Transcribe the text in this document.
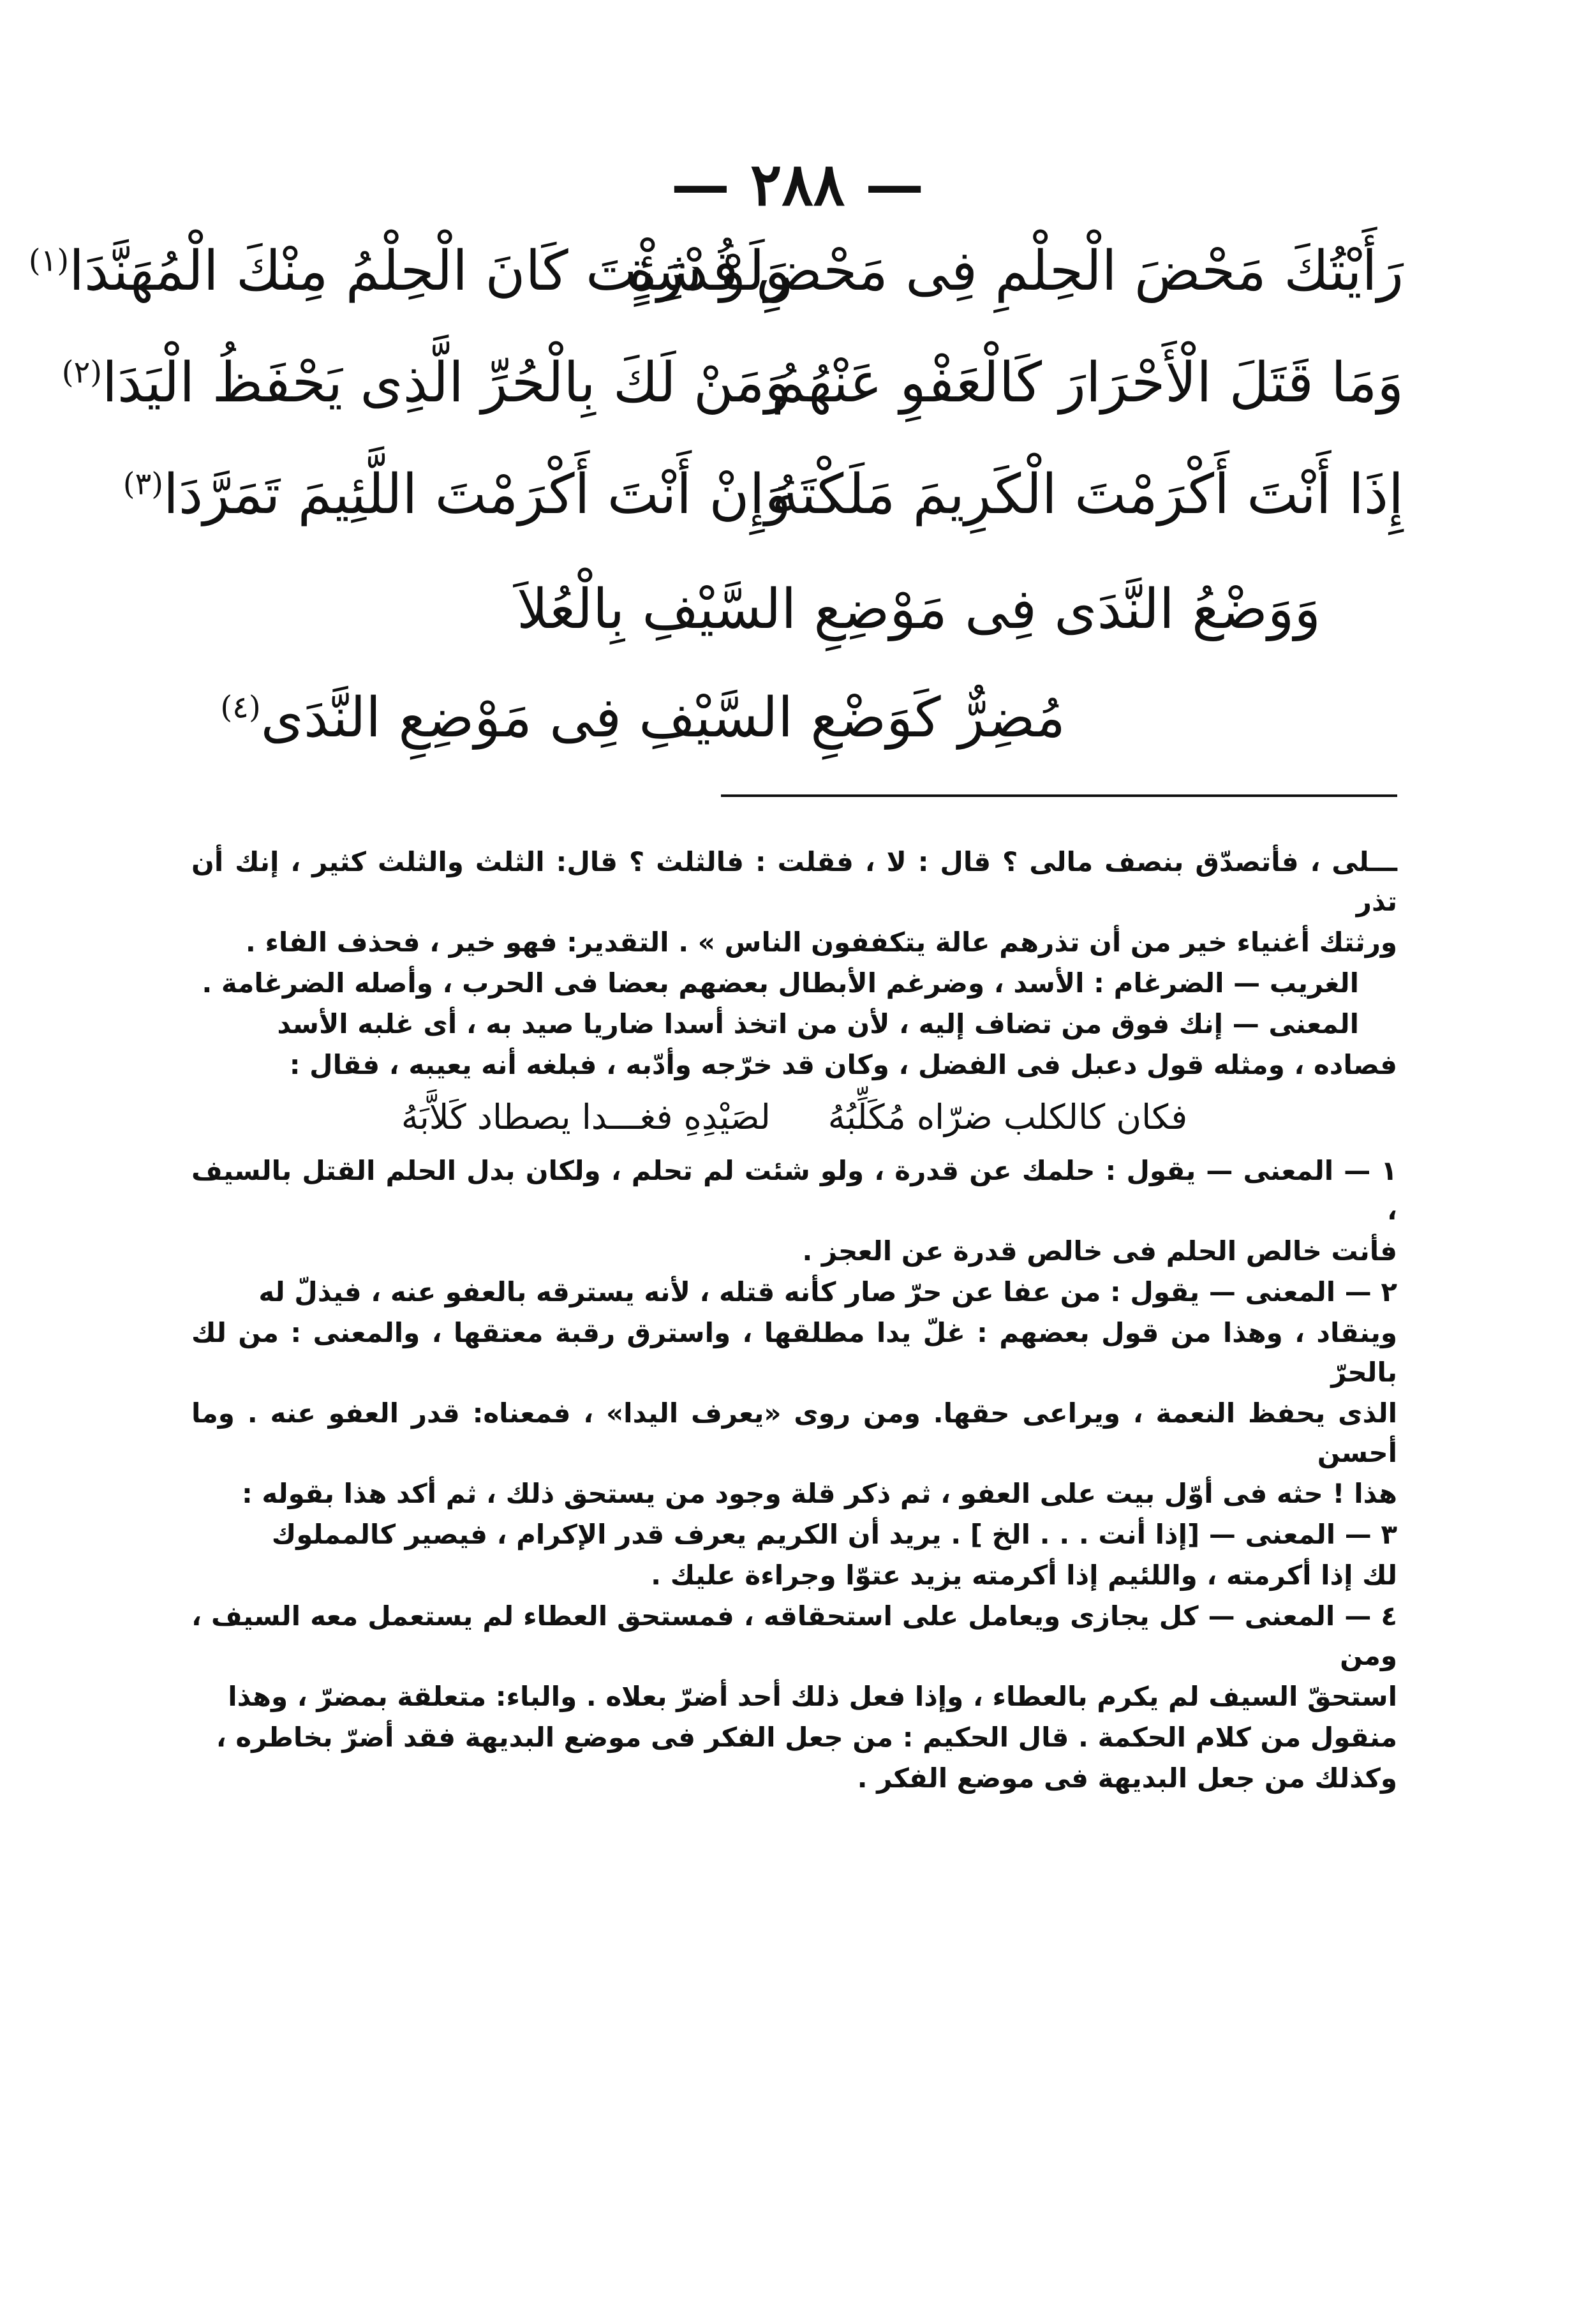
— ٢٨٨ —
رَأَيْتُكَ مَحْضَ الْحِلْمِ فِى مَحْضِ قُدْرَةٍ
وَلَوْ شِئْتَ كَانَ الْحِلْمُ مِنْكَ الْمُهَنَّدَا$^{(١)}$
وَمَا قَتَلَ الْأَحْرَارَ كَالْعَفْوِ عَنْهُمُ
وَمَنْ لَكَ بِالْحُرِّ الَّذِى يَحْفَظُ الْيَدَا$^{(٢)}$
إِذَا أَنْتَ أَكْرَمْتَ الْكَرِيمَ مَلَكْتَهُ
وَإِنْ أَنْتَ أَكْرَمْتَ اللَّئِيمَ تَمَرَّدَا$^{(٣)}$
وَوَضْعُ النَّدَى فِى مَوْضِعِ السَّيْفِ بِالْعُلاَ
مُضِرٌّ كَوَضْعِ السَّيْفِ فِى مَوْضِعِ النَّدَى$^{(٤)}$

ـــلى ، فأتصدّق بنصف مالى ؟ قال : لا ، فقلت : فالثلث ؟ قال: الثلث والثلث كثير ، إنك أن تذر

ورثتك أغنياء خير من أن تذرهم عالة يتكففون الناس » . التقدير: فهو خير ، فحذف الفاء .

الغريب — الضرغام : الأسد ، وضرغم الأبطال بعضهم بعضا فى الحرب ، وأصله الضرغامة .

المعنى — إنك فوق من تضاف إليه ، لأن من اتخذ أسدا ضاريا صيد به ، أى غلبه الأسد

فصاده ، ومثله قول دعبل فى الفضل ، وكان قد خرّجه وأدّبه ، فبلغه أنه يعيبه ، فقال :

فكان كالكلب ضرّاه مُكَلِّبُهُ
لصَيْدِهِ فغـــدا يصطاد كَلاَّبَهُ

١ — المعنى — يقول : حلمك عن قدرة ، ولو شئت لم تحلم ، ولكان بدل الحلم القتل بالسيف ،

فأنت خالص الحلم فى خالص قدرة عن العجز .

٢ — المعنى — يقول : من عفا عن حرّ صار كأنه قتله ، لأنه يسترقه بالعفو عنه ، فيذلّ له

وينقاد ، وهذا من قول بعضهم : غلّ يدا مطلقها ، واسترق رقبة معتقها ، والمعنى : من لك بالحرّ

الذى يحفظ النعمة ، ويراعى حقها. ومن روى «يعرف اليدا» ، فمعناه: قدر العفو عنه . وما أحسن

هذا ! حثه فى أوّل بيت على العفو ، ثم ذكر قلة وجود من يستحق ذلك ، ثم أكد هذا بقوله :

٣ — المعنى — [إذا أنت . . . الخ ] . يريد أن الكريم يعرف قدر الإكرام ، فيصير كالمملوك

لك إذا أكرمته ، واللئيم إذا أكرمته يزيد عتوّا وجراءة عليك .

٤ — المعنى — كل يجازى ويعامل على استحقاقه ، فمستحق العطاء لم يستعمل معه السيف ، ومن

استحقّ السيف لم يكرم بالعطاء ، وإذا فعل ذلك أحد أضرّ بعلاه . والباء: متعلقة بمضرّ ، وهذا

منقول من كلام الحكمة . قال الحكيم : من جعل الفكر فى موضع البديهة فقد أضرّ بخاطره ،

وكذلك من جعل البديهة فى موضع الفكر .
